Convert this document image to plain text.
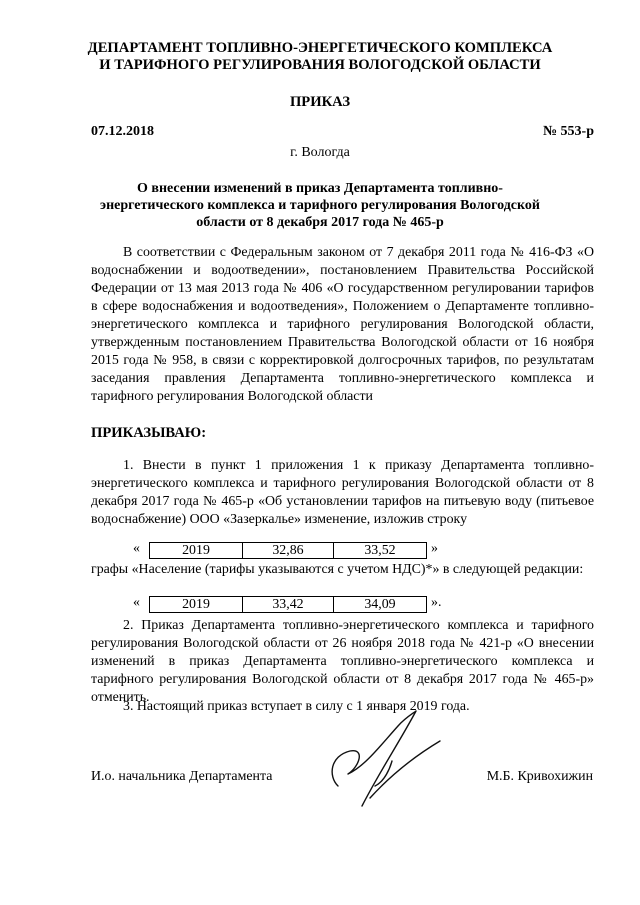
ДЕПАРТАМЕНТ ТОПЛИВНО-ЭНЕРГЕТИЧЕСКОГО КОМПЛЕКСА
И ТАРИФНОГО РЕГУЛИРОВАНИЯ ВОЛОГОДСКОЙ ОБЛАСТИ
ПРИКАЗ
07.12.2018	№ 553-р
г. Вологда
О внесении изменений в приказ Департамента топливно-энергетического комплекса и тарифного регулирования Вологодской области от 8 декабря 2017 года № 465-р
В соответствии с Федеральным законом от 7 декабря 2011 года № 416-ФЗ «О водоснабжении и водоотведении», постановлением Правительства Российской Федерации от 13 мая 2013 года № 406 «О государственном регулировании тарифов в сфере водоснабжения и водоотведения», Положением о Департаменте топливно-энергетического комплекса и тарифного регулирования Вологодской области, утвержденным постановлением Правительства Вологодской области от 16 ноября 2015 года № 958, в связи с корректировкой долгосрочных тарифов, по результатам заседания правления Департамента топливно-энергетического комплекса и тарифного регулирования Вологодской области
ПРИКАЗЫВАЮ:
1. Внести в пункт 1 приложения 1 к приказу Департамента топливно-энергетического комплекса и тарифного регулирования Вологодской области от 8 декабря 2017 года № 465-р «Об установлении тарифов на питьевую воду (питьевое водоснабжение) ООО «Зазеркалье» изменение, изложив строку
«	2019	32,86	33,52	»
графы «Население (тарифы указываются с учетом НДС)*» в следующей редакции:
«	2019	33,42	34,09	».
2. Приказ Департамента топливно-энергетического комплекса и тарифного регулирования Вологодской области от 26 ноября 2018 года № 421-р «О внесении изменений в приказ Департамента топливно-энергетического комплекса и тарифного регулирования Вологодской области от 8 декабря 2017 года № 465-р» отменить.
3. Настоящий приказ вступает в силу с 1 января 2019 года.
И.о. начальника Департамента	М.Б. Кривохижин
